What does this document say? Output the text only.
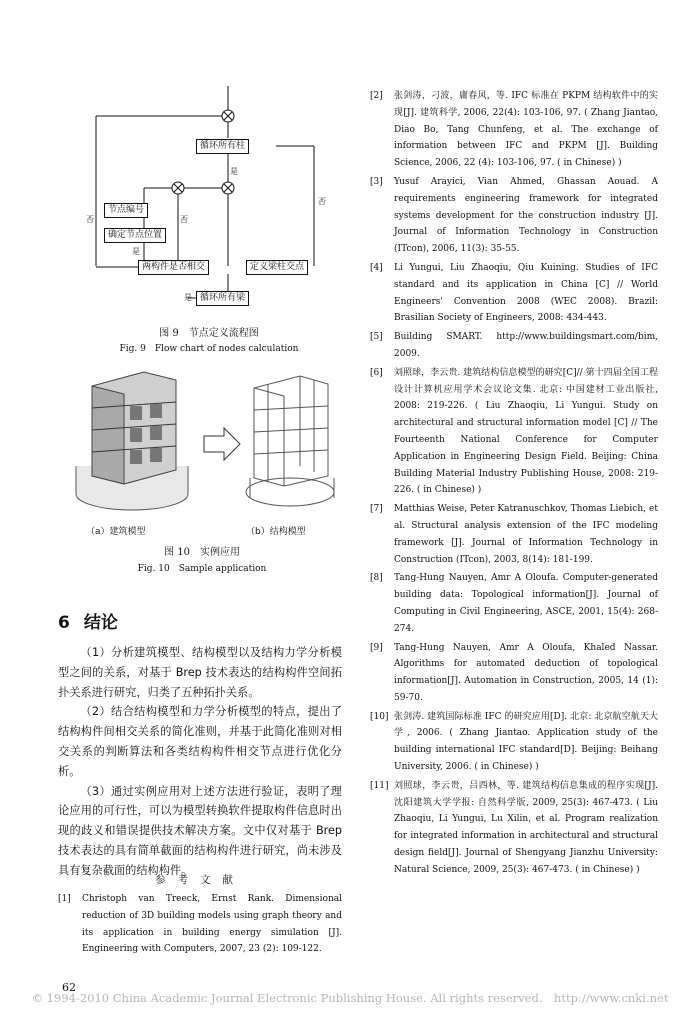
循环所有柱
节点编号
确定节点位置
两构件是否相交	定义梁柱交点
循环所有梁
是
否
否	否
是
是
图 9　节点定义流程图
Fig. 9　Flow chart of nodes calculation
（a）建筑模型	（b）结构模型
图 10　实例应用
Fig. 10　Sample application
6 结论

（1）分析建筑模型、结构模型以及结构力学分析模型之间的关系，对基于 Brep 技术表达的结构构件空间拓扑关系进行研究，归类了五种拓扑关系。

（2）结合结构模型和力学分析模型的特点，提出了结构构件间相交关系的简化准则，并基于此简化准则对相交关系的判断算法和各类结构构件相交节点进行优化分析。

（3）通过实例应用对上述方法进行验证，表明了理论应用的可行性，可以为模型转换软件提取构件信息时出现的歧义和错误提供技术解决方案。文中仅对基于 Brep 技术表达的具有简单截面的结构构件进行研究，尚未涉及具有复杂截面的结构构件。

参考文献
[1]	Christoph van Treeck, Ernst Rank. Dimensional reduction of 3D building models using graph theory and its application in building energy simulation [J]. Engineering with Computers, 2007, 23 (2): 109-122.
[2]	张剑涛，刁波，庸春风，等. IFC 标准在 PKPM 结构软件中的实现[J]. 建筑科学, 2006, 22(4): 103-106, 97. ( Zhang Jiantao, Diao Bo, Tang Chunfeng, et al. The exchange of information between IFC and PKPM [J]. Building Science, 2006, 22 (4): 103-106, 97. ( in Chinese) )
[3]	Yusuf Arayici, Vian Ahmed, Ghassan Aouad. A requirements engineering framework for integrated systems development for the construction industry [J]. Journal of Information Technology in Construction (ITcon), 2006, 11(3): 35-55.
[4]	Li Yungui, Liu Zhaoqiu, Qiu Kuining. Studies of IFC standard and its application in China [C] // World Engineers' Convention 2008 (WEC 2008). Brazil: Brasilian Society of Engineers, 2008: 434-443.
[5]	Building SMART. http://www.buildingsmart.com/bim, 2009.
[6]	刘照球，李云贵. 建筑结构信息模型的研究[C]// 第十四届全国工程设计计算机应用学术会议论文集. 北京: 中国建材工业出版社, 2008: 219-226. ( Liu Zhaoqiu, Li Yungui. Study on architectural and structural information model [C] // The Fourteenth National Conference for Computer Application in Engineering Design Field. Beijing: China Building Material Industry Publishing House, 2008: 219-226. ( in Chinese) )
[7]	Matthias Weise, Peter Katranuschkov, Thomas Liebich, et al. Structural analysis extension of the IFC modeling framework [J]. Journal of Information Technology in Construction (ITcon), 2003, 8(14): 181-199.
[8]	Tang-Hung Nauyen, Amr A Oloufa. Computer-generated building data: Topological information[J]. Journal of Computing in Civil Engineering, ASCE, 2001, 15(4): 268-274.
[9]	Tang-Hung Nauyen, Amr A Oloufa, Khaled Nassar. Algorithms for automated deduction of topological information[J]. Automation in Construction, 2005, 14 (1): 59-70.
[10] 张剑涛. 建筑国际标准 IFC 的研究应用[D]. 北京: 北京航空航天大学, 2006. ( Zhang Jiantao. Application study of the building international IFC standard[D]. Beijing: Beihang University, 2006. ( in Chinese) )
[11] 刘照球，李云贵，吕西林，等. 建筑结构信息集成的程序实现[J]. 沈阳建筑大学学报: 自然科学版, 2009, 25(3): 467-473. ( Liu Zhaoqiu, Li Yungui, Lu Xilin, et al. Program realization for integrated information in architectural and structural design field[J]. Journal of Shengyang Jianzhu University: Natural Science, 2009, 25(3): 467-473. ( in Chinese) )
62
© 1994-2010 China Academic Journal Electronic Publishing House. All rights reserved.　http://www.cnki.net
